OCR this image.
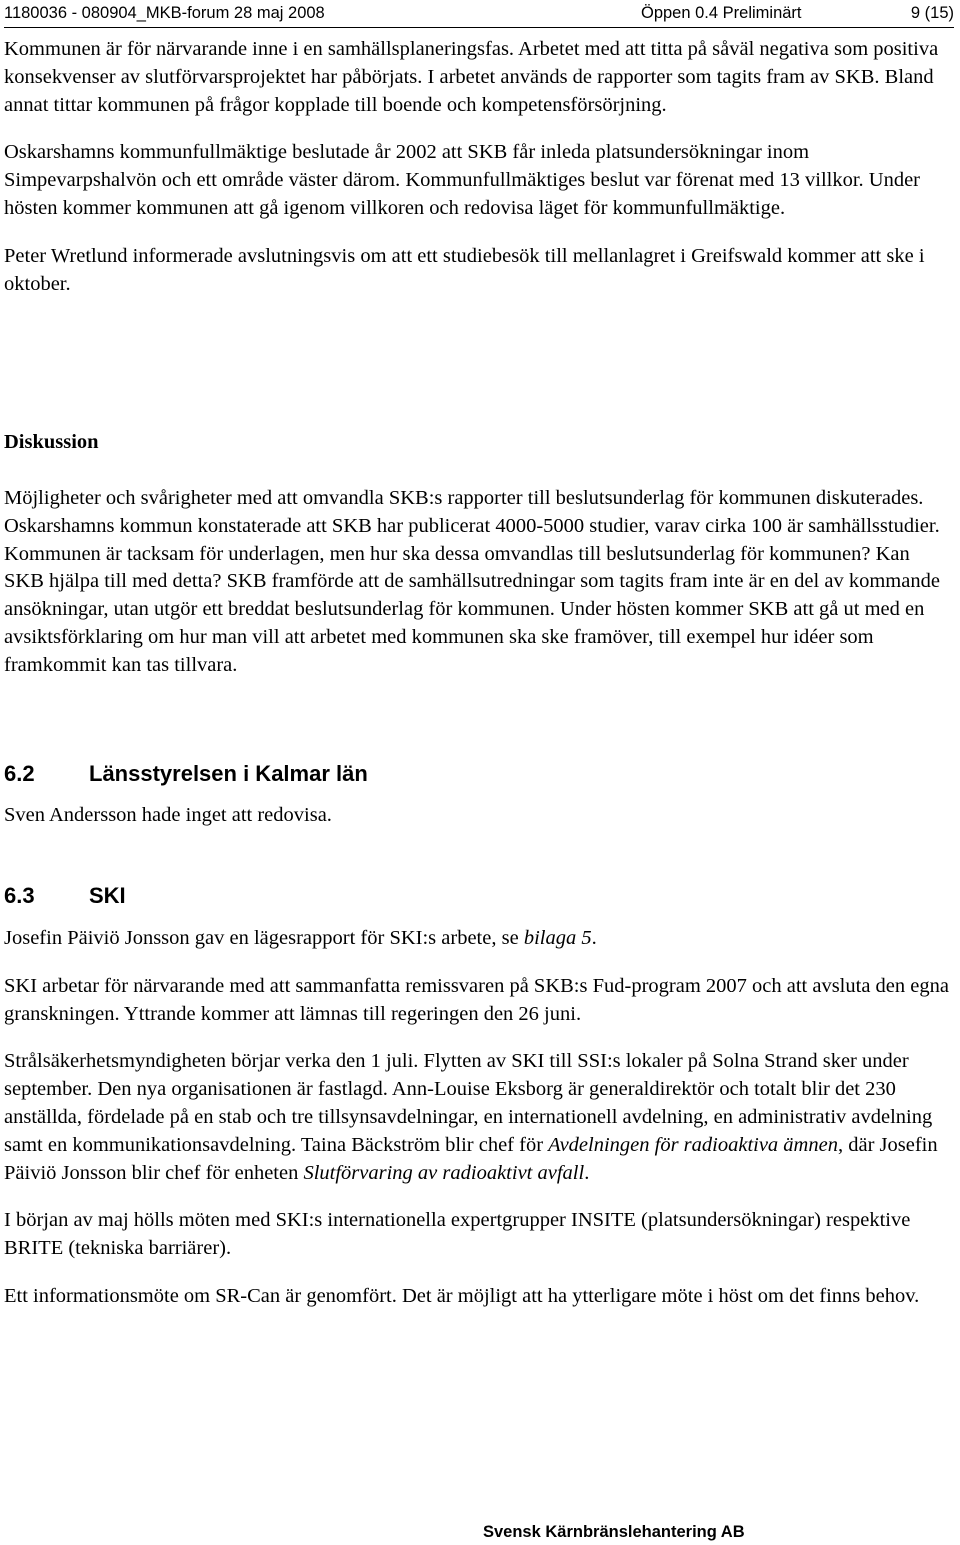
1180036 - 080904_MKB-forum 28 maj 2008	Öppen 0.4 Preliminärt	9 (15)

Kommunen är för närvarande inne i en samhällsplaneringsfas. Arbetet med att titta på såväl negativa som positiva konsekvenser av slutförvarsprojektet har påbörjats. I arbetet används de rapporter som tagits fram av SKB. Bland annat tittar kommunen på frågor kopplade till boende och kompetensförsörjning.

Oskarshamns kommunfullmäktige beslutade år 2002 att SKB får inleda platsundersökningar inom Simpevarpshalvön och ett område väster därom. Kommunfullmäktiges beslut var förenat med 13 villkor. Under hösten kommer kommunen att gå igenom villkoren och redovisa läget för kommunfullmäktige.

Peter Wretlund informerade avslutningsvis om att ett studiebesök till mellanlagret i Greifswald kommer att ske i oktober.

Diskussion

Möjligheter och svårigheter med att omvandla SKB:s rapporter till beslutsunderlag för kommunen diskuterades. Oskarshamns kommun konstaterade att SKB har publicerat 4000-5000 studier, varav cirka 100 är samhällsstudier. Kommunen är tacksam för underlagen, men hur ska dessa omvandlas till beslutsunderlag för kommunen? Kan SKB hjälpa till med detta? SKB framförde att de samhällsutredningar som tagits fram inte är en del av kommande ansökningar, utan utgör ett breddat beslutsunderlag för kommunen. Under hösten kommer SKB att gå ut med en avsiktsförklaring om hur man vill att arbetet med kommunen ska ske framöver, till exempel hur idéer som framkommit kan tas tillvara.

6.2 Länsstyrelsen i Kalmar län

Sven Andersson hade inget att redovisa.

6.3 SKI

Josefin Päiviö Jonsson gav en lägesrapport för SKI:s arbete, se bilaga 5.

SKI arbetar för närvarande med att sammanfatta remissvaren på SKB:s Fud-program 2007 och att avsluta den egna granskningen. Yttrande kommer att lämnas till regeringen den 26 juni.

Strålsäkerhetsmyndigheten börjar verka den 1 juli. Flytten av SKI till SSI:s lokaler på Solna Strand sker under september. Den nya organisationen är fastlagd. Ann-Louise Eksborg är generaldirektör och totalt blir det 230 anställda, fördelade på en stab och tre tillsynsavdelningar, en internationell avdelning, en administrativ avdelning samt en kommunikationsavdelning. Taina Bäckström blir chef för Avdelningen för radioaktiva ämnen, där Josefin Päiviö Jonsson blir chef för enheten Slutförvaring av radioaktivt avfall.

I början av maj hölls möten med SKI:s internationella expertgrupper INSITE (platsundersökningar) respektive BRITE (tekniska barriärer).

Ett informationsmöte om SR-Can är genomfört. Det är möjligt att ha ytterligare möte i höst om det finns behov.

Svensk Kärnbränslehantering AB
